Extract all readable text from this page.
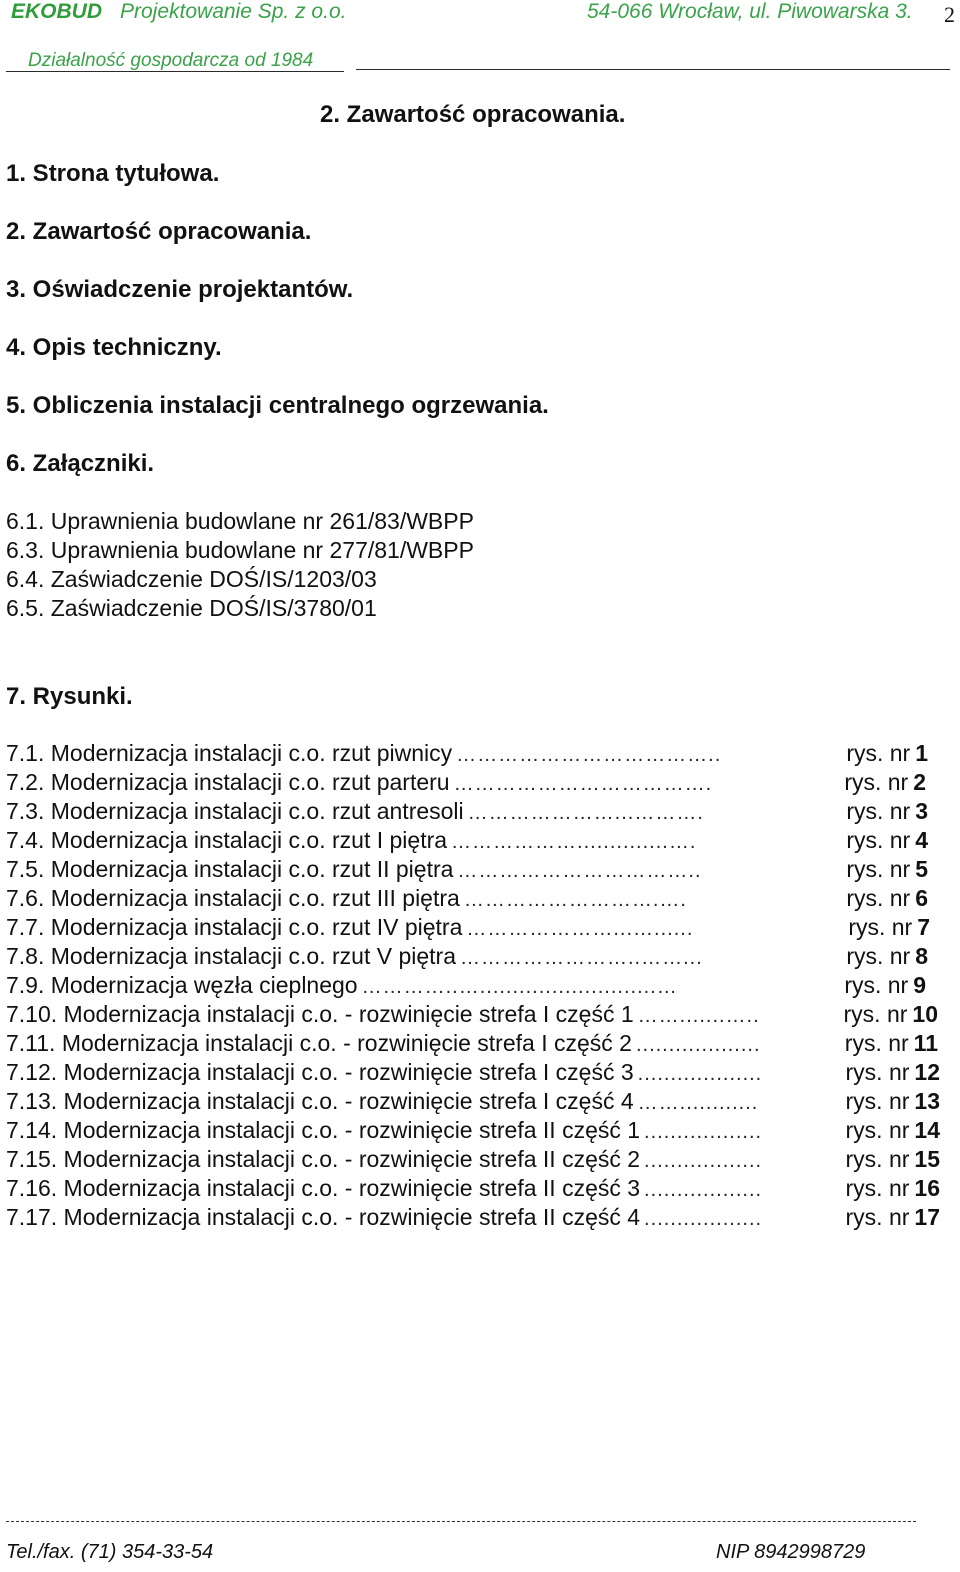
EKOBUD Projektowanie Sp. z o.o.	54-066 Wrocław, ul. Piwowarska 3. 2
Działalność gospodarcza od 1984
2. Zawartość opracowania.
1. Strona tytułowa.
2. Zawartość opracowania.
3. Oświadczenie projektantów.
4. Opis techniczny.
5. Obliczenia instalacji centralnego ogrzewania.
6. Załączniki.
6.1. Uprawnienia budowlane nr 261/83/WBPP
6.3. Uprawnienia budowlane nr 277/81/WBPP
6.4. Zaświadczenie DOŚ/IS/1203/03
6.5. Zaświadczenie DOŚ/IS/3780/01
7. Rysunki.
7.1. Modernizacja instalacji c.o. rzut piwnicy ………………………………..	rys. nr 1
7.2. Modernizacja instalacji c.o. rzut parteru ……………………………….	rys. nr 2
7.3. Modernizacja instalacji c.o. rzut antresoli …………………...……….	rys. nr 3
7.4. Modernizacja instalacji c.o. rzut I piętra ………………..............….	rys. nr 4
7.5. Modernizacja instalacji c.o. rzut II piętra ……………………………..	rys. nr 5
7.6. Modernizacja instalacji c.o. rzut III piętra ……………………….….	rys. nr 6
7.7. Modernizacja instalacji c.o. rzut IV piętra …………………...…......	rys. nr 7
7.8. Modernizacja instalacji c.o. rzut V piętra ……………………..……...	rys. nr 8
7.9. Modernizacja węzła cieplnego …………..…...........................…	rys. nr 9
7.10. Modernizacja instalacji c.o. - rozwinięcie strefa I część 1 …….......…..	rys. nr 10
7.11. Modernizacja instalacji c.o. - rozwinięcie strefa I część 2 ...................	rys. nr 11
7.12. Modernizacja instalacji c.o. - rozwinięcie strefa I część 3 ...................	rys. nr 12
7.13. Modernizacja instalacji c.o. - rozwinięcie strefa I część 4 ……............	rys. nr 13
7.14. Modernizacja instalacji c.o. - rozwinięcie strefa II część 1 ..................	rys. nr 14
7.15. Modernizacja instalacji c.o. - rozwinięcie strefa II część 2 ..................	rys. nr 15
7.16. Modernizacja instalacji c.o. - rozwinięcie strefa II część 3 ..................	rys. nr 16
7.17. Modernizacja instalacji c.o. - rozwinięcie strefa II część 4 ..................	rys. nr 17
Tel./fax. (71) 354-33-54	NIP 8942998729
